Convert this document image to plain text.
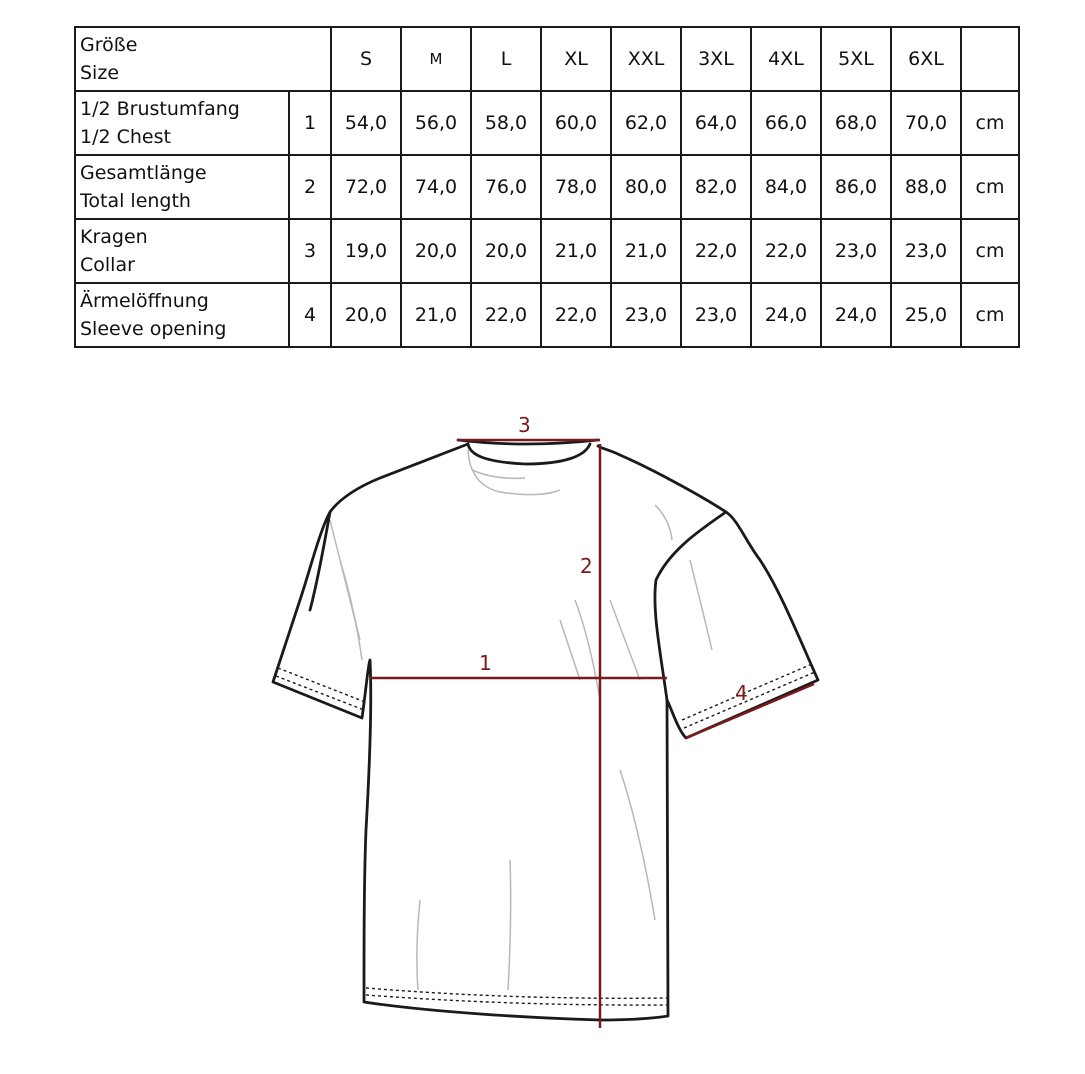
Größe
Size		S	M	L	XL	XXL	3XL	4XL	5XL	6XL	

1/2 Brustumfang
1/2 Chest	1	54,0	56,0	58,0	60,0	62,0	64,0	66,0	68,0	70,0	cm

Gesamtlänge
Total length	2	72,0	74,0	76,0	78,0	80,0	82,0	84,0	86,0	88,0	cm

Kragen
Collar	3	19,0	20,0	20,0	21,0	21,0	22,0	22,0	23,0	23,0	cm

Ärmelöffnung
Sleeve opening	4	20,0	21,0	22,0	22,0	23,0	23,0	24,0	24,0	25,0	cm
1
2
3
4
